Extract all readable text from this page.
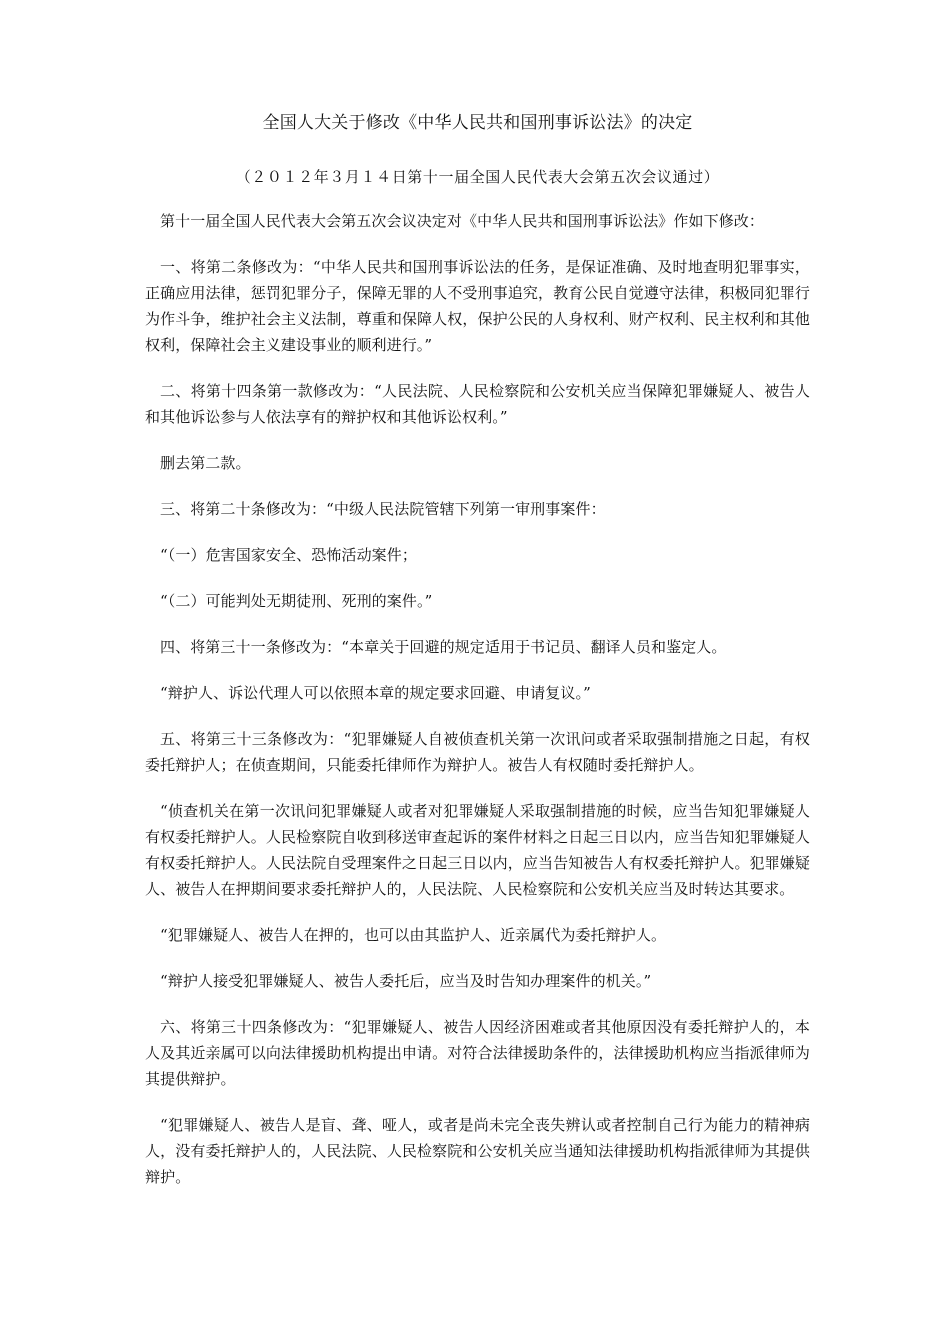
全国人大关于修改《中华人民共和国刑事诉讼法》的决定
（２０１２年３月１４日第十一届全国人民代表大会第五次会议通过）

第十一届全国人民代表大会第五次会议决定对《中华人民共和国刑事诉讼法》作如下修改：

一、将第二条修改为：“中华人民共和国刑事诉讼法的任务，是保证准确、及时地查明犯罪事实，正确应用法律，惩罚犯罪分子，保障无罪的人不受刑事追究，教育公民自觉遵守法律，积极同犯罪行为作斗争，维护社会主义法制，尊重和保障人权，保护公民的人身权利、财产权利、民主权利和其他权利，保障社会主义建设事业的顺利进行。”

二、将第十四条第一款修改为：“人民法院、人民检察院和公安机关应当保障犯罪嫌疑人、被告人和其他诉讼参与人依法享有的辩护权和其他诉讼权利。”

删去第二款。

三、将第二十条修改为：“中级人民法院管辖下列第一审刑事案件：

“（一）危害国家安全、恐怖活动案件；

“（二）可能判处无期徒刑、死刑的案件。”

四、将第三十一条修改为：“本章关于回避的规定适用于书记员、翻译人员和鉴定人。

“辩护人、诉讼代理人可以依照本章的规定要求回避、申请复议。”

五、将第三十三条修改为：“犯罪嫌疑人自被侦查机关第一次讯问或者采取强制措施之日起，有权委托辩护人；在侦查期间，只能委托律师作为辩护人。被告人有权随时委托辩护人。

“侦查机关在第一次讯问犯罪嫌疑人或者对犯罪嫌疑人采取强制措施的时候，应当告知犯罪嫌疑人有权委托辩护人。人民检察院自收到移送审查起诉的案件材料之日起三日以内，应当告知犯罪嫌疑人有权委托辩护人。人民法院自受理案件之日起三日以内，应当告知被告人有权委托辩护人。犯罪嫌疑人、被告人在押期间要求委托辩护人的，人民法院、人民检察院和公安机关应当及时转达其要求。

“犯罪嫌疑人、被告人在押的，也可以由其监护人、近亲属代为委托辩护人。

“辩护人接受犯罪嫌疑人、被告人委托后，应当及时告知办理案件的机关。”

六、将第三十四条修改为：“犯罪嫌疑人、被告人因经济困难或者其他原因没有委托辩护人的，本人及其近亲属可以向法律援助机构提出申请。对符合法律援助条件的，法律援助机构应当指派律师为其提供辩护。

“犯罪嫌疑人、被告人是盲、聋、哑人，或者是尚未完全丧失辨认或者控制自己行为能力的精神病人，没有委托辩护人的，人民法院、人民检察院和公安机关应当通知法律援助机构指派律师为其提供辩护。
